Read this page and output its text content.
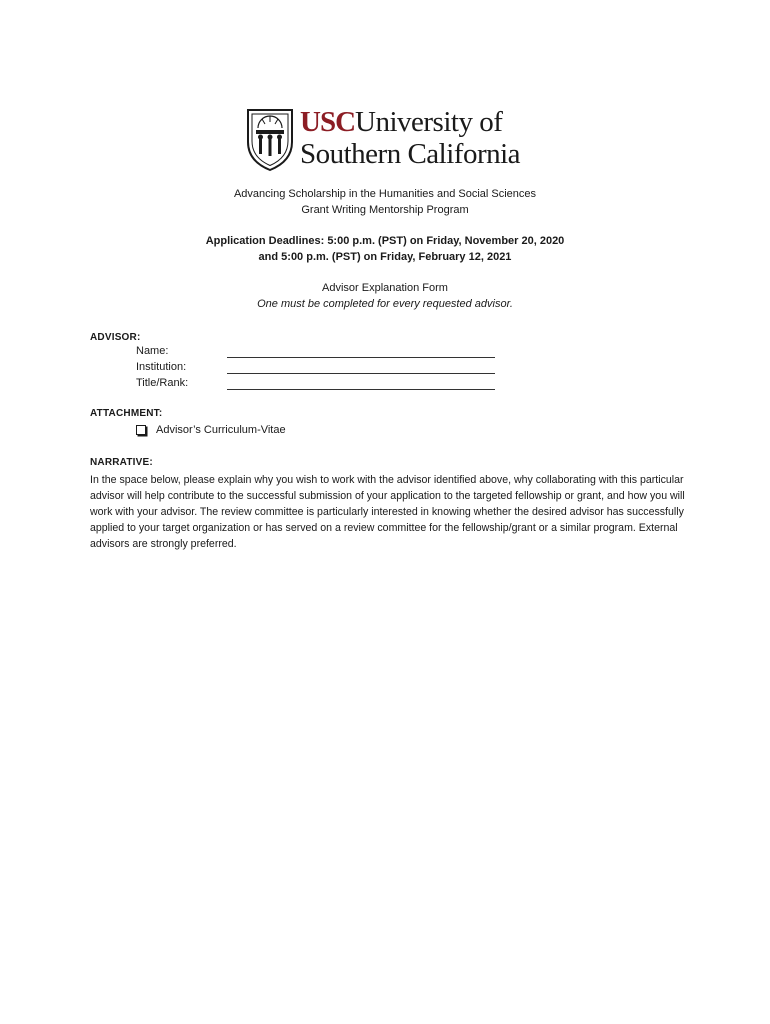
USCUniversity of
Southern California
Advancing Scholarship in the Humanities and Social Sciences
Grant Writing Mentorship Program
Application Deadlines: 5:00 p.m. (PST) on Friday, November 20, 2020
and 5:00 p.m. (PST) on Friday, February 12, 2021
Advisor Explanation Form
One must be completed for every requested advisor.
ADVISOR:
Name:
Institution:
Title/Rank:
ATTACHMENT:
Advisor’s Curriculum-Vitae
NARRATIVE:
In the space below, please explain why you wish to work with the advisor identified above, why collaborating with this particular advisor will help contribute to the successful submission of your application to the targeted fellowship or grant, and how you will work with your advisor. The review committee is particularly interested in knowing whether the desired advisor has successfully applied to your target organization or has served on a review committee for the fellowship/grant or a similar program. External advisors are strongly preferred.
